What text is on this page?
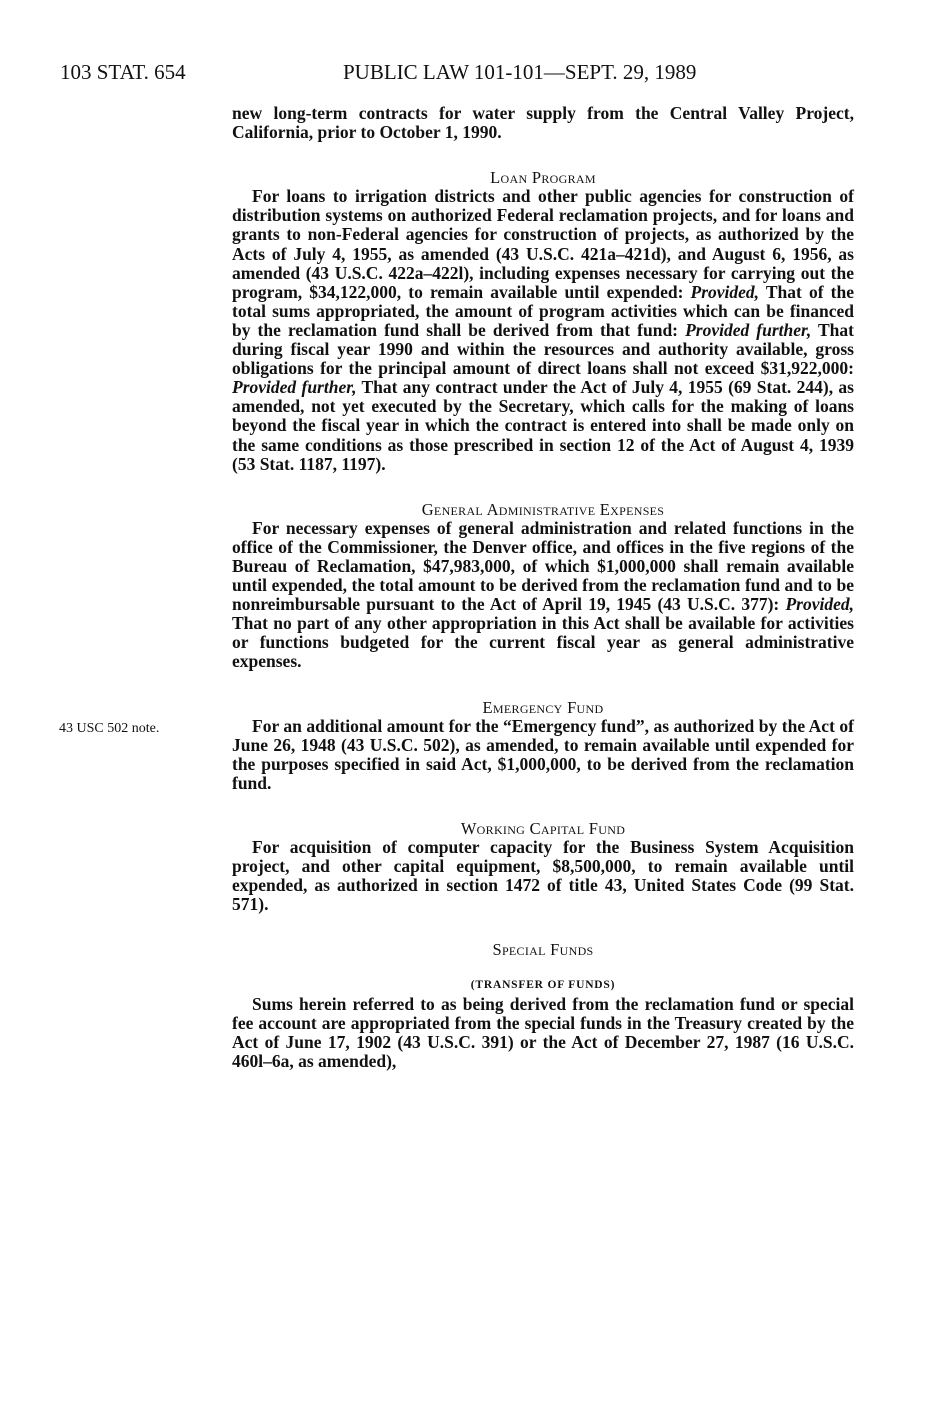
103 STAT. 654	PUBLIC LAW 101-101—SEPT. 29, 1989

new long-term contracts for water supply from the Central Valley Project, California, prior to October 1, 1990.

Loan Program

For loans to irrigation districts and other public agencies for construction of distribution systems on authorized Federal reclamation projects, and for loans and grants to non-Federal agencies for construction of projects, as authorized by the Acts of July 4, 1955, as amended (43 U.S.C. 421a–421d), and August 6, 1956, as amended (43 U.S.C. 422a–422l), including expenses necessary for carrying out the program, $34,122,000, to remain available until expended: Provided, That of the total sums appropriated, the amount of program activities which can be financed by the reclamation fund shall be derived from that fund: Provided further, That during fiscal year 1990 and within the resources and authority available, gross obligations for the principal amount of direct loans shall not exceed $31,922,000: Provided further, That any contract under the Act of July 4, 1955 (69 Stat. 244), as amended, not yet executed by the Secretary, which calls for the making of loans beyond the fiscal year in which the contract is entered into shall be made only on the same conditions as those prescribed in section 12 of the Act of August 4, 1939 (53 Stat. 1187, 1197).

General Administrative Expenses

For necessary expenses of general administration and related functions in the office of the Commissioner, the Denver office, and offices in the five regions of the Bureau of Reclamation, $47,983,000, of which $1,000,000 shall remain available until expended, the total amount to be derived from the reclamation fund and to be nonreimbursable pursuant to the Act of April 19, 1945 (43 U.S.C. 377): Provided, That no part of any other appropriation in this Act shall be available for activities or functions budgeted for the current fiscal year as general administrative expenses.

Emergency Fund

43 USC 502 note.	For an additional amount for the “Emergency fund”, as authorized by the Act of June 26, 1948 (43 U.S.C. 502), as amended, to remain available until expended for the purposes specified in said Act, $1,000,000, to be derived from the reclamation fund.

Working Capital Fund

For acquisition of computer capacity for the Business System Acquisition project, and other capital equipment, $8,500,000, to remain available until expended, as authorized in section 1472 of title 43, United States Code (99 Stat. 571).

Special Funds
(TRANSFER OF FUNDS)

Sums herein referred to as being derived from the reclamation fund or special fee account are appropriated from the special funds in the Treasury created by the Act of June 17, 1902 (43 U.S.C. 391) or the Act of December 27, 1987 (16 U.S.C. 460l–6a, as amended),
